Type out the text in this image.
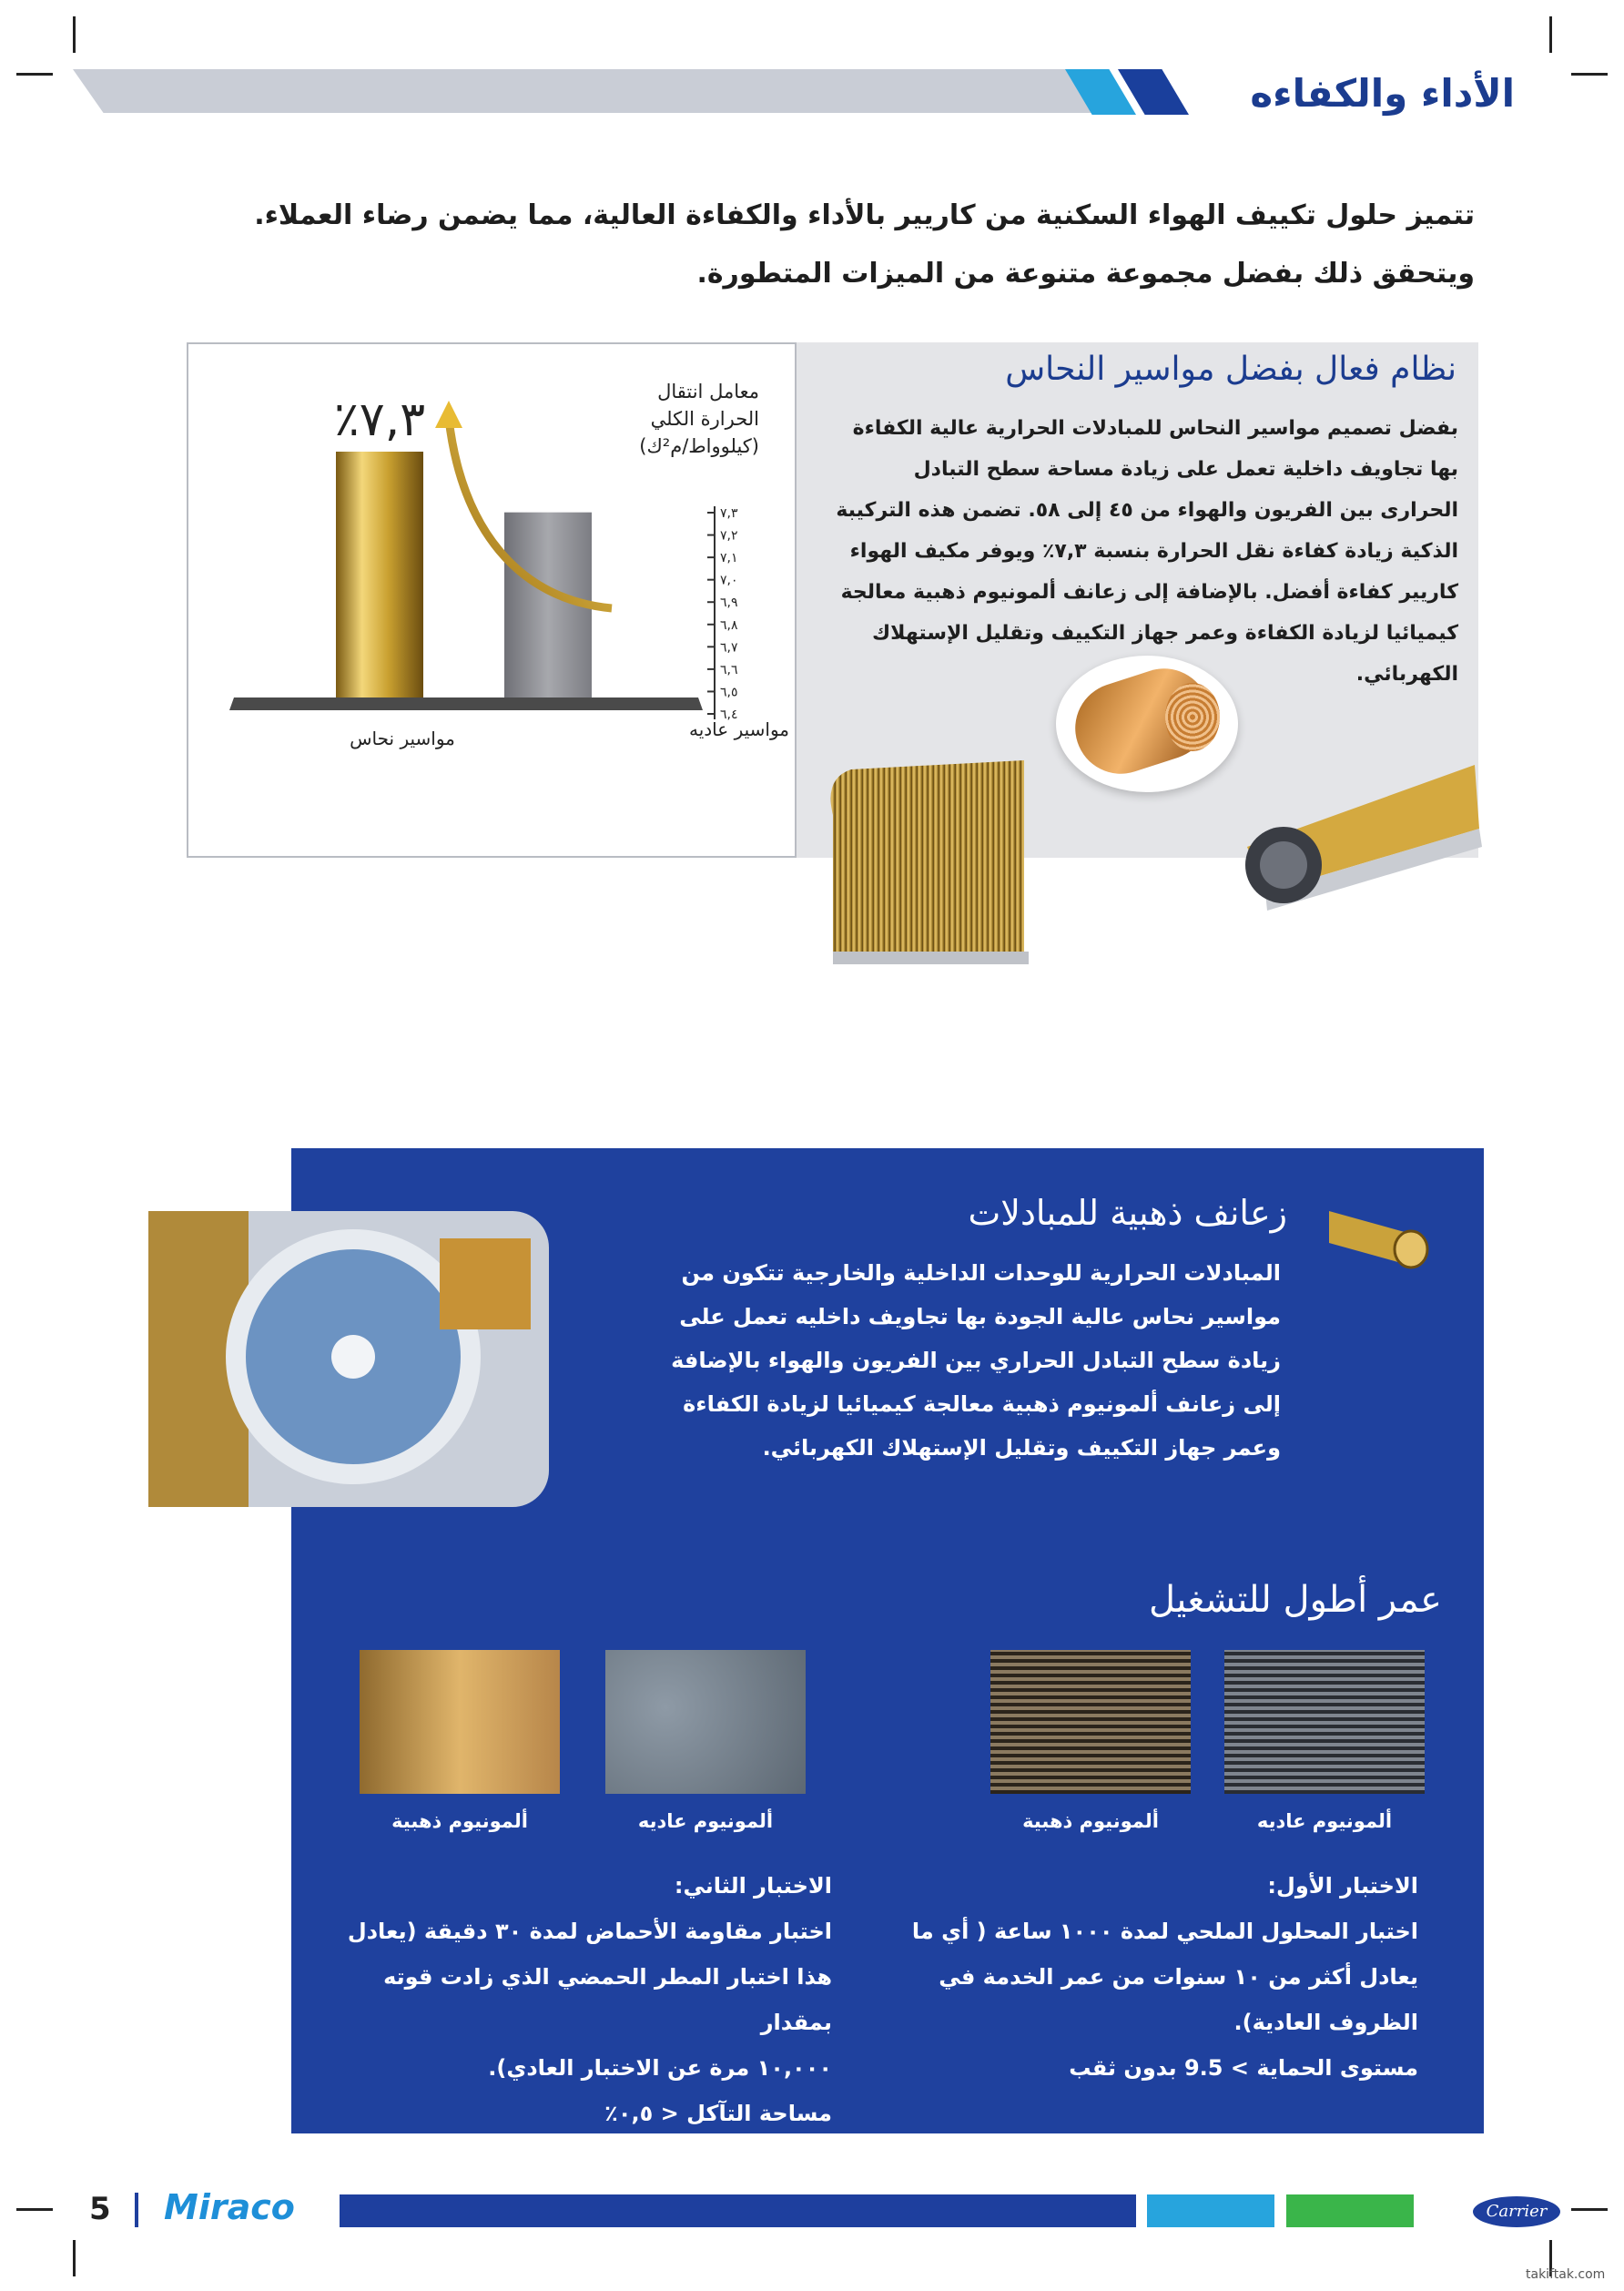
الأداء والكفاءه
تتميز حلول تكييف الهواء السكنية من كاريير بالأداء والكفاءة العالية، مما يضمن رضاء العملاء. ويتحقق ذلك بفضل مجموعة متنوعة من الميزات المتطورة.
نظام فعال بفضل مواسير النحاس
بفضل تصميم مواسير النحاس للمبادلات الحرارية عالية الكفاءة بها تجاويف داخلية تعمل على زيادة مساحة سطح التبادل الحرارى بين الفريون والهواء من ٤٥ إلى ٥٨. تضمن هذه التركيبة الذكية زيادة كفاءة نقل الحرارة بنسبة ٧,٣٪ ويوفر مكيف الهواء كاريير كفاءة أفضل. بالإضافة إلى زعانف ألمونيوم ذهبية معالجة كيميائيا لزيادة الكفاءة وعمر جهاز التكييف وتقليل الإستهلاك الكهربائي.
٦,٤
٦,٥
٦,٦
٦,٧
٦,٨
٦,٩
٧,٠
٧,١
٧,٢
٧,٣
٪٧,٣
مواسير عاديه
مواسير نحاس
معامل انتقال الحرارة الكلي (كيلوواط/م²ك)
زعانف ذهبية للمبادلات
المبادلات الحرارية للوحدات الداخلية والخارجية تتكون من مواسير نحاس عالية الجودة بها تجاويف داخليه تعمل على زيادة سطح التبادل الحراري بين الفريون والهواء بالإضافة إلى زعانف ألمونيوم ذهبية معالجة كيميائيا لزيادة الكفاءة وعمر جهاز التكييف وتقليل الإستهلاك الكهربائي.
عمر أطول للتشغيل
ألمونيوم عاديه
ألمونيوم ذهبية
ألمونيوم عاديه
ألمونيوم ذهبية
الاختبار الأول:
اختبار المحلول الملحي لمدة ١٠٠٠ ساعة ( أي ما
يعادل أكثر من ١٠ سنوات من عمر الخدمة في
الظروف العادية).
مستوى الحماية > 9.5 بدون ثقب
الاختبار الثاني:
اختبار مقاومة الأحماض لمدة ٣٠ دقيقة (يعادل
هذا اختبار المطر الحمضي الذي زادت قوته بمقدار
١٠,٠٠٠ مرة عن الاختبار العادي).
مساحة التآكل < ٠,٥٪
5 Miraco	Carrier
takiftak.com
